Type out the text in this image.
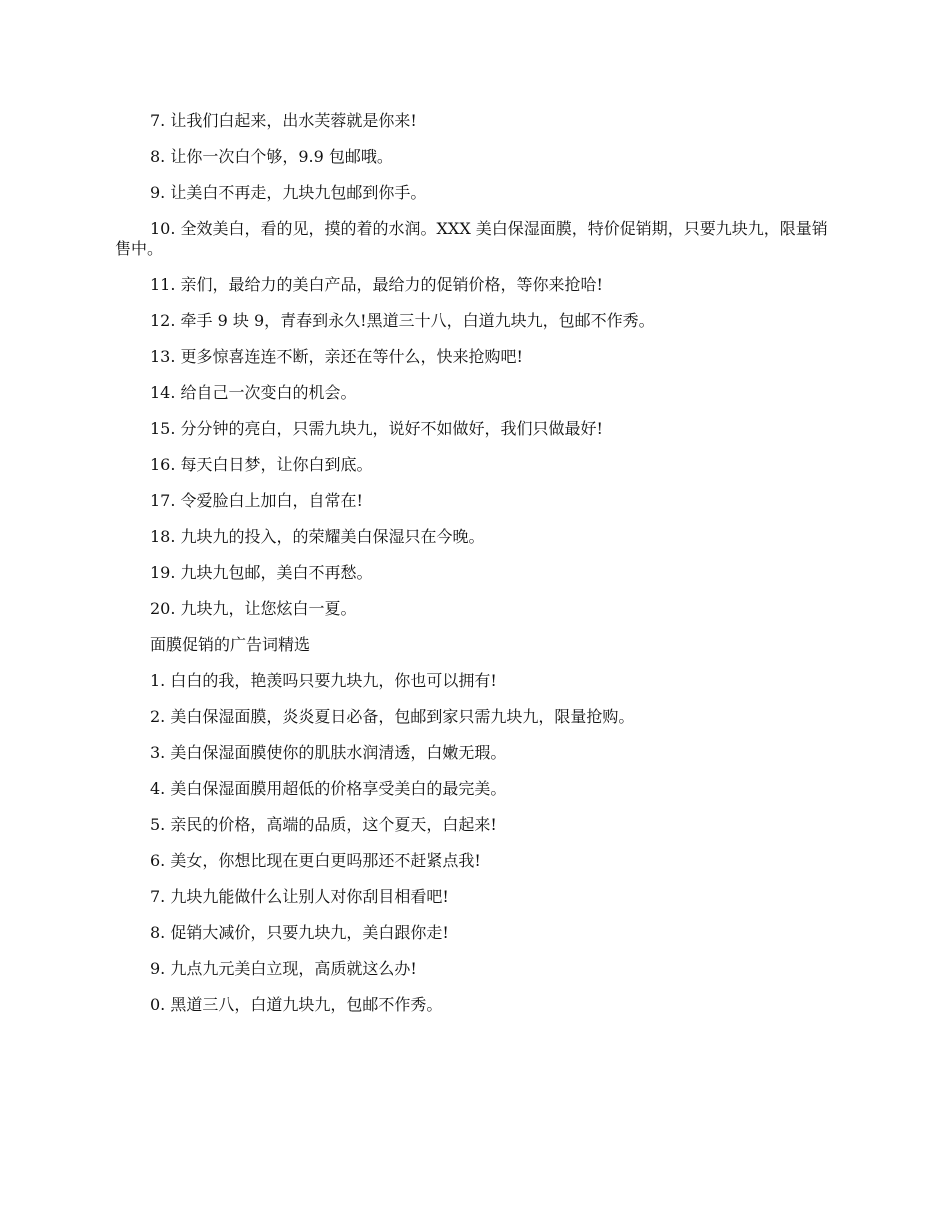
7. 让我们白起来，出水芙蓉就是你来!

8. 让你一次白个够，9.9 包邮哦。

9. 让美白不再走，九块九包邮到你手。

10. 全效美白，看的见，摸的着的水润。XXX 美白保湿面膜，特价促销期，只要九块九，限量销售中。

11. 亲们，最给力的美白产品，最给力的促销价格，等你来抢哈!

12. 牵手 9 块 9，青春到永久!黑道三十八，白道九块九，包邮不作秀。

13. 更多惊喜连连不断，亲还在等什么，快来抢购吧!

14. 给自己一次变白的机会。

15. 分分钟的亮白，只需九块九，说好不如做好，我们只做最好!

16. 每天白日梦，让你白到底。

17. 令爱脸白上加白，自常在!

18. 九块九的投入，的荣耀美白保湿只在今晚。

19. 九块九包邮，美白不再愁。

20. 九块九，让您炫白一夏。

面膜促销的广告词精选

1. 白白的我，艳羡吗只要九块九，你也可以拥有!

2. 美白保湿面膜，炎炎夏日必备，包邮到家只需九块九，限量抢购。

3. 美白保湿面膜使你的肌肤水润清透，白嫩无瑕。

4. 美白保湿面膜用超低的价格享受美白的最完美。

5. 亲民的价格，高端的品质，这个夏天，白起来!

6. 美女，你想比现在更白更吗那还不赶紧点我!

7. 九块九能做什么让别人对你刮目相看吧!

8. 促销大减价，只要九块九，美白跟你走!

9. 九点九元美白立现，高质就这么办!

0. 黑道三八，白道九块九，包邮不作秀。
